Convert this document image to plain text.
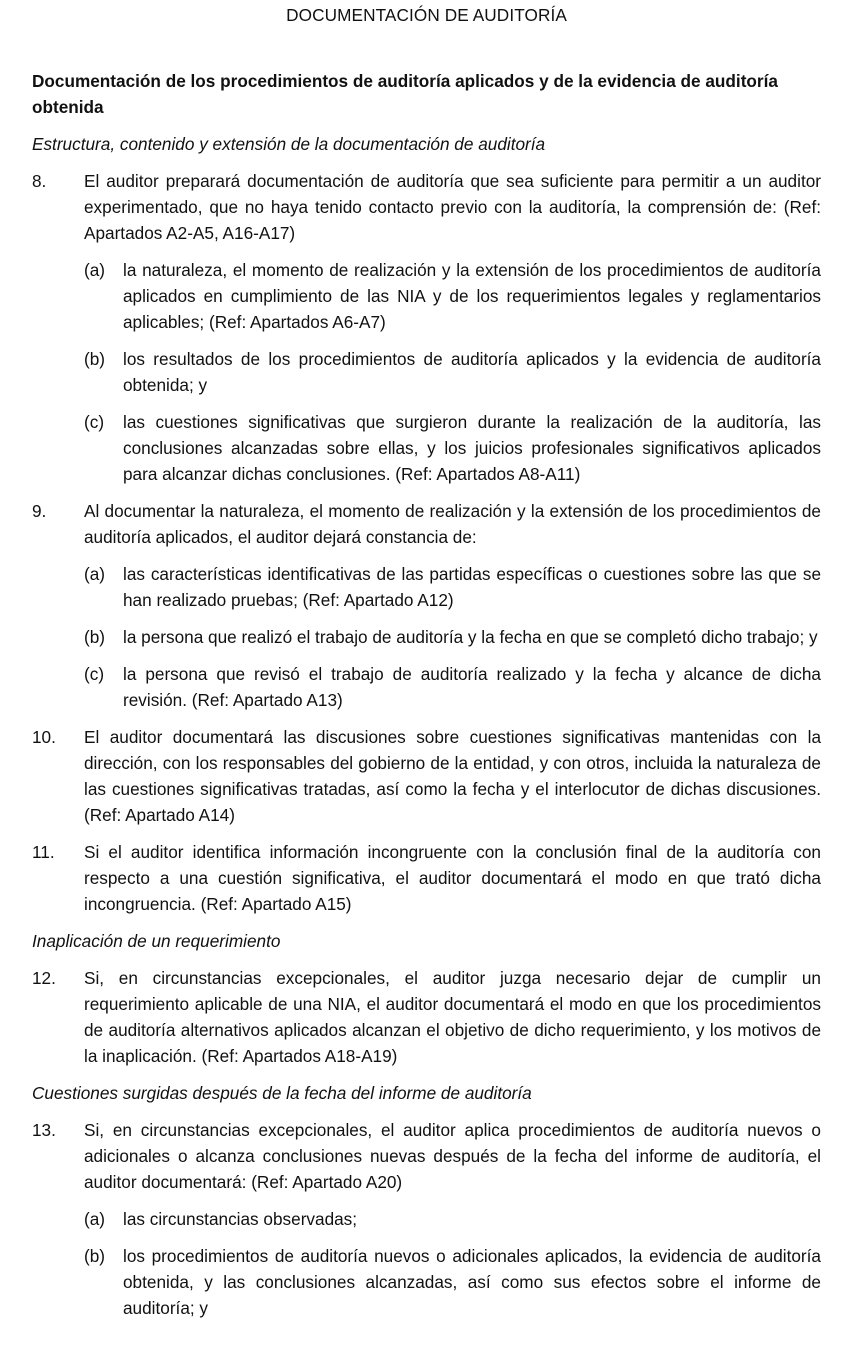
DOCUMENTACIÓN DE AUDITORÍA
Documentación de los procedimientos de auditoría aplicados y de la evidencia de auditoría obtenida
Estructura, contenido y extensión de la documentación de auditoría
8.	El auditor preparará documentación de auditoría que sea suficiente para permitir a un auditor experimentado, que no haya tenido contacto previo con la auditoría, la comprensión de: (Ref: Apartados A2-A5, A16-A17)
(a)	la naturaleza, el momento de realización y la extensión de los procedimientos de auditoría aplicados en cumplimiento de las NIA y de los requerimientos legales y reglamentarios aplicables; (Ref: Apartados A6-A7)
(b)	los resultados de los procedimientos de auditoría aplicados y la evidencia de auditoría obtenida; y
(c)	las cuestiones significativas que surgieron durante la realización de la auditoría, las conclusiones alcanzadas sobre ellas, y los juicios profesionales significativos aplicados para alcanzar dichas conclusiones. (Ref: Apartados A8-A11)
9.	Al documentar la naturaleza, el momento de realización y la extensión de los procedimientos de auditoría aplicados, el auditor dejará constancia de:
(a)	las características identificativas de las partidas específicas o cuestiones sobre las que se han realizado pruebas; (Ref: Apartado A12)
(b)	la persona que realizó el trabajo de auditoría y la fecha en que se completó dicho trabajo; y
(c)	la persona que revisó el trabajo de auditoría realizado y la fecha y alcance de dicha revisión. (Ref: Apartado A13)
10.	El auditor documentará las discusiones sobre cuestiones significativas mantenidas con la dirección, con los responsables del gobierno de la entidad, y con otros, incluida la naturaleza de las cuestiones significativas tratadas, así como la fecha y el interlocutor de dichas discusiones. (Ref: Apartado A14)
11.	Si el auditor identifica información incongruente con la conclusión final de la auditoría con respecto a una cuestión significativa, el auditor documentará el modo en que trató dicha incongruencia. (Ref: Apartado A15)
Inaplicación de un requerimiento
12.	Si, en circunstancias excepcionales, el auditor juzga necesario dejar de cumplir un requerimiento aplicable de una NIA, el auditor documentará el modo en que los procedimientos de auditoría alternativos aplicados alcanzan el objetivo de dicho requerimiento, y los motivos de la inaplicación. (Ref: Apartados A18-A19)
Cuestiones surgidas después de la fecha del informe de auditoría
13.	Si, en circunstancias excepcionales, el auditor aplica procedimientos de auditoría nuevos o adicionales o alcanza conclusiones nuevas después de la fecha del informe de auditoría, el auditor documentará: (Ref: Apartado A20)
(a)	las circunstancias observadas;
(b)	los procedimientos de auditoría nuevos o adicionales aplicados, la evidencia de auditoría obtenida, y las conclusiones alcanzadas, así como sus efectos sobre el informe de auditoría; y
